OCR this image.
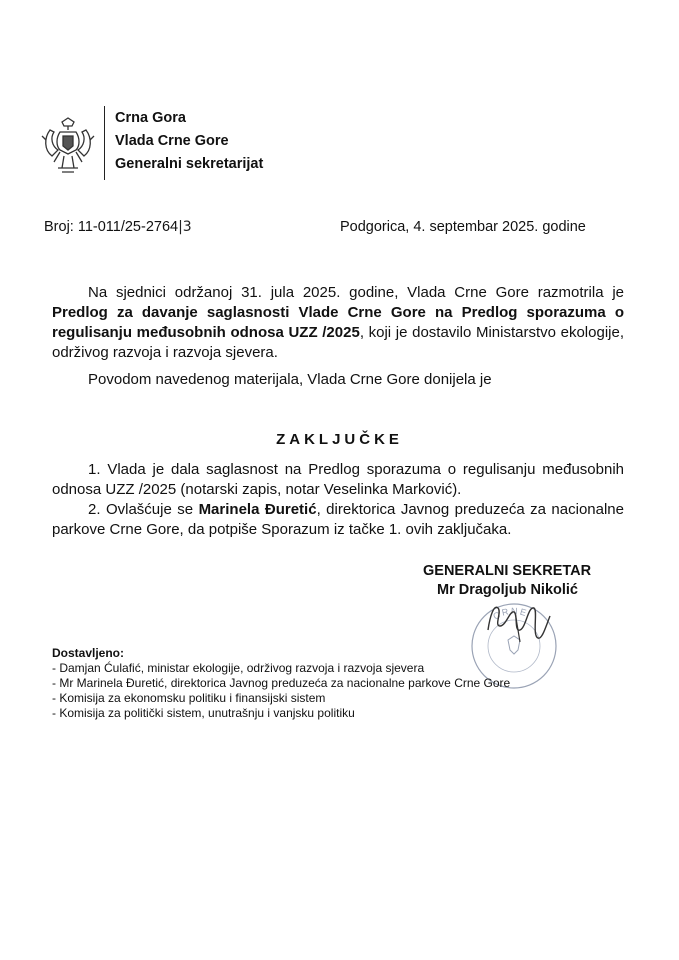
Crna Gora
Vlada Crne Gore
Generalni sekretarijat
Broj: 11-011/25-2764|3	Podgorica, 4. septembar 2025. godine
Na sjednici održanoj 31. jula 2025. godine, Vlada Crne Gore razmotrila je Predlog za davanje saglasnosti Vlade Crne Gore na Predlog sporazuma o regulisanju međusobnih odnosa UZZ /2025, koji je dostavilo Ministarstvo ekologije, održivog razvoja i razvoja sjevera.
Povodom navedenog materijala, Vlada Crne Gore donijela je
ZAKLJUČKE
1. Vlada je dala saglasnost na Predlog sporazuma o regulisanju međusobnih odnosa UZZ /2025 (notarski zapis, notar Veselinka Marković).
2. Ovlašćuje se Marinela Đuretić, direktorica Javnog preduzeća za nacionalne parkove Crne Gore, da potpiše Sporazum iz tačke 1. ovih zaključaka.
CRNE
GENERALNI SEKRETAR
Mr Dragoljub Nikolić
Dostavljeno:
- Damjan Ćulafić, ministar ekologije, održivog razvoja i razvoja sjevera
- Mr Marinela Đuretić, direktorica Javnog preduzeća za nacionalne parkove Crne Gore
- Komisija za ekonomsku politiku i finansijski sistem
- Komisija za politički sistem, unutrašnju i vanjsku politiku
